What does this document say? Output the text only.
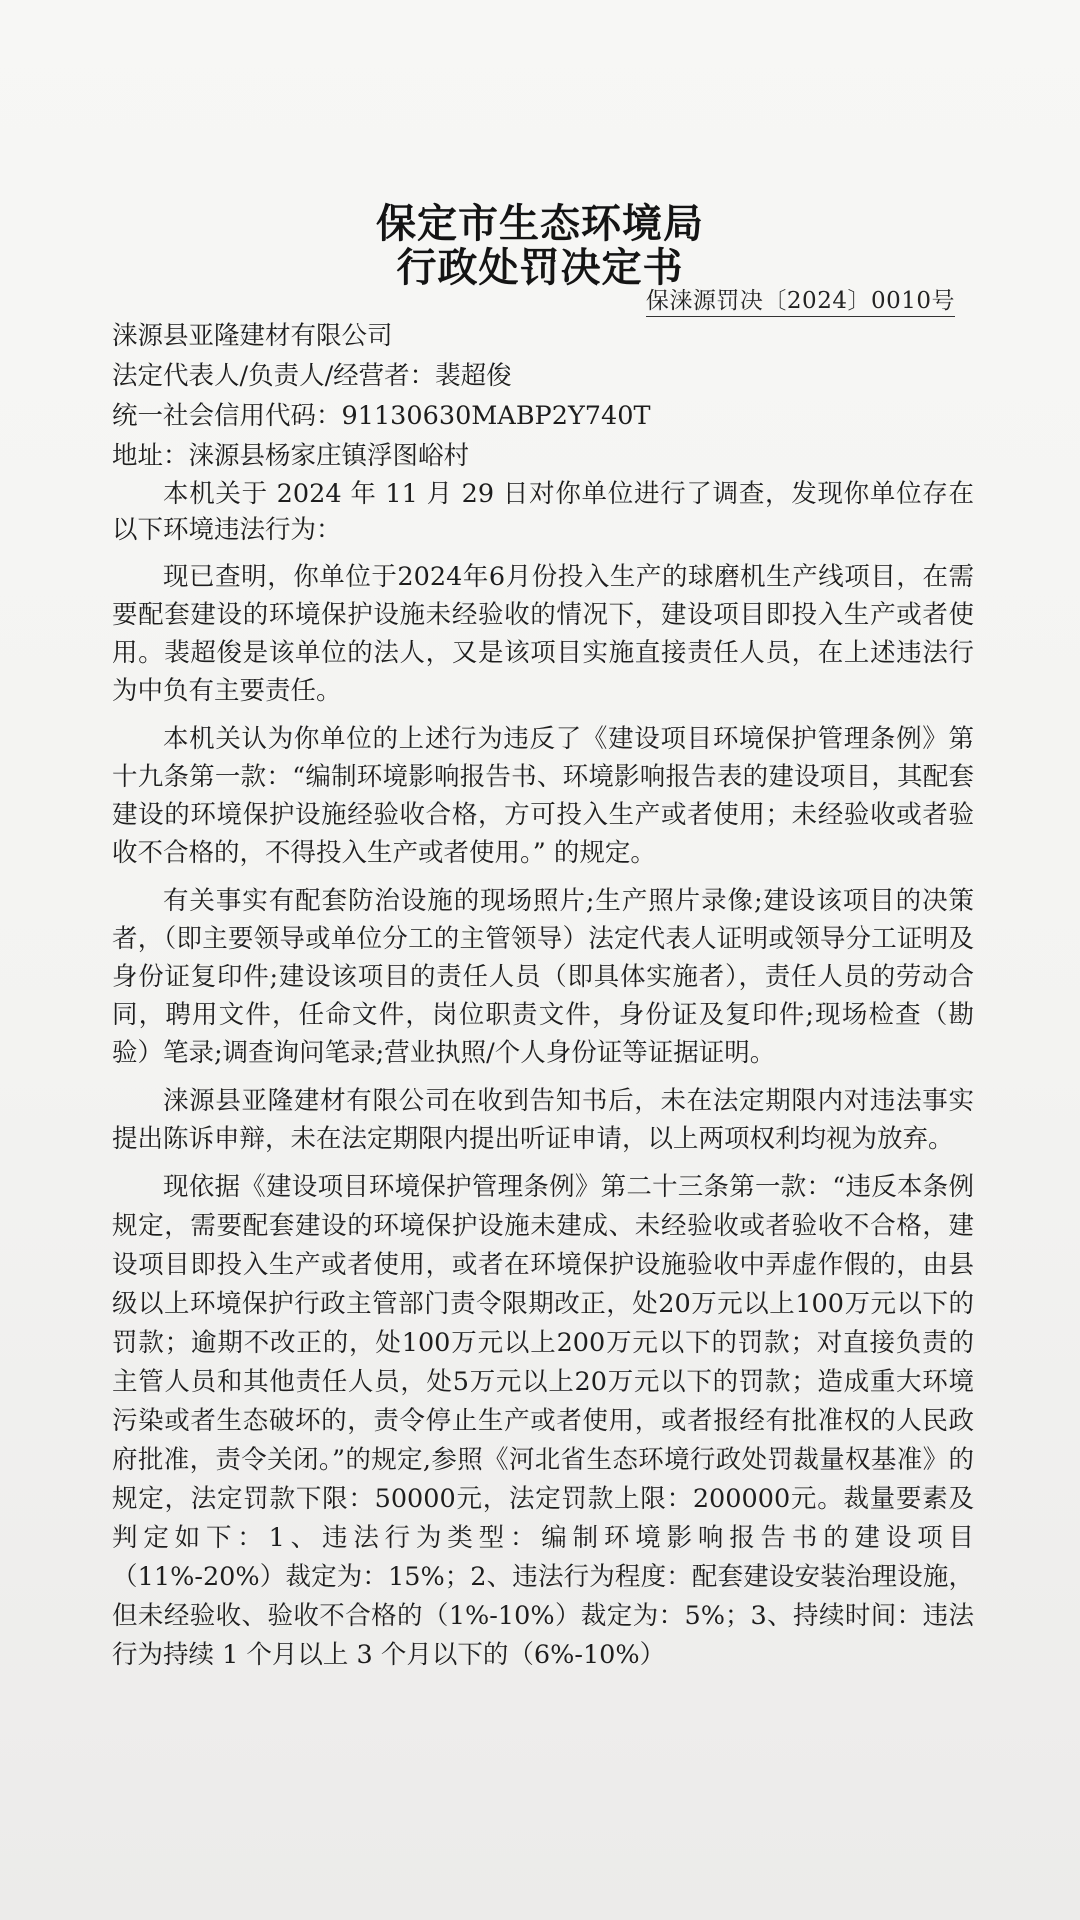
保定市生态环境局
行政处罚决定书
保涞源罚决〔2024〕0010号

涞源县亚隆建材有限公司

法定代表人/负责人/经营者：裴超俊

统一社会信用代码：91130630MABP2Y740T

地址：涞源县杨家庄镇浮图峪村

本机关于 2024 年 11 月 29 日对你单位进行了调查，发现你单位存在以下环境违法行为：

现已查明，你单位于2024年6月份投入生产的球磨机生产线项目，在需要配套建设的环境保护设施未经验收的情况下，建设项目即投入生产或者使用。裴超俊是该单位的法人，又是该项目实施直接责任人员，在上述违法行为中负有主要责任。

本机关认为你单位的上述行为违反了《建设项目环境保护管理条例》第十九条第一款：“编制环境影响报告书、环境影响报告表的建设项目，其配套建设的环境保护设施经验收合格，方可投入生产或者使用；未经验收或者验收不合格的，不得投入生产或者使用。” 的规定。

有关事实有配套防治设施的现场照片;生产照片录像;建设该项目的决策者，（即主要领导或单位分工的主管领导）法定代表人证明或领导分工证明及身份证复印件;建设该项目的责任人员（即具体实施者），责任人员的劳动合同，聘用文件，任命文件，岗位职责文件，身份证及复印件;现场检查（勘验）笔录;调查询问笔录;营业执照/个人身份证等证据证明。

涞源县亚隆建材有限公司在收到告知书后，未在法定期限内对违法事实提出陈诉申辩，未在法定期限内提出听证申请，以上两项权利均视为放弃。

现依据《建设项目环境保护管理条例》第二十三条第一款：“违反本条例规定，需要配套建设的环境保护设施未建成、未经验收或者验收不合格，建设项目即投入生产或者使用，或者在环境保护设施验收中弄虚作假的，由县级以上环境保护行政主管部门责令限期改正，处20万元以上100万元以下的罚款；逾期不改正的，处100万元以上200万元以下的罚款；对直接负责的主管人员和其他责任人员，处5万元以上20万元以下的罚款；造成重大环境污染或者生态破坏的，责令停止生产或者使用，或者报经有批准权的人民政府批准，责令关闭。”的规定,参照《河北省生态环境行政处罚裁量权基准》的规定，法定罚款下限：50000元，法定罚款上限：200000元。裁量要素及判定如下：1、违法行为类型：编制环境影响报告书的建设项目（11%-20%）裁定为：15%；2、违法行为程度：配套建设安装治理设施，但未经验收、验收不合格的（1%-10%）裁定为：5%；3、持续时间：违法行为持续 1 个月以上 3 个月以下的（6%-10%）
